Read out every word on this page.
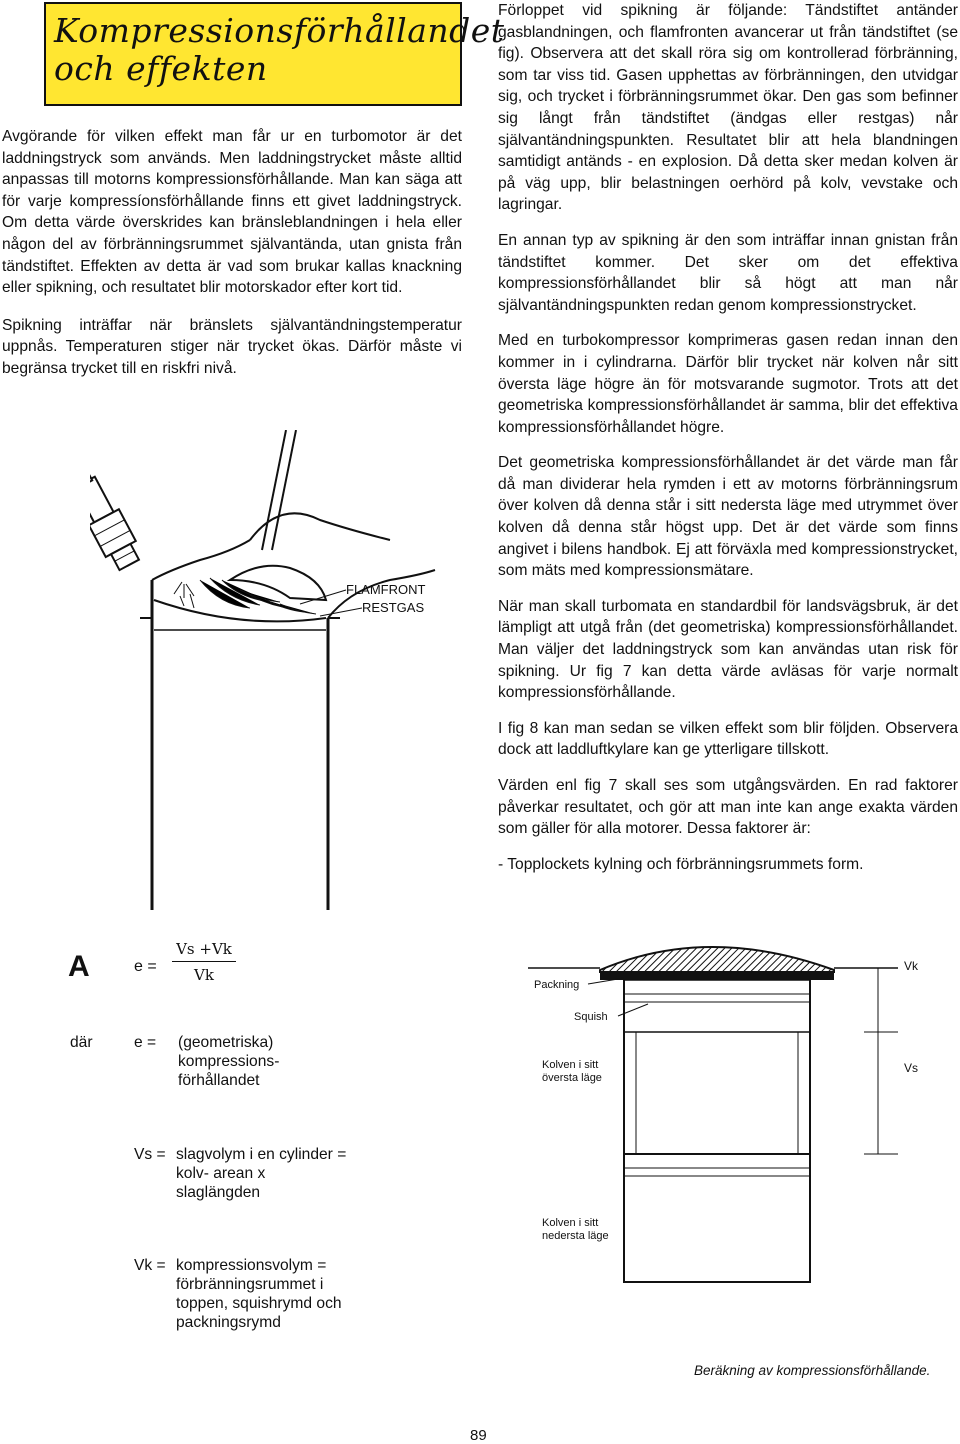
Kompressionsförhållandet
och effekten

Avgörande för vilken effekt man får ur en turbomotor är det laddningstryck som används. Men laddningstrycket måste alltid anpassas till motorns kompressionsförhållande. Man kan säga att för varje kompressíonsförhållande finns ett givet laddningstryck. Om detta värde överskrides kan bränsleblandningen i hela eller någon del av förbränningsrummet självantända, utan gnista från tändstiftet. Effekten av detta är vad som brukar kallas knackning eller spikning, och resultatet blir motorskador efter kort tid.

Spikning inträffar när bränslets självantändningstemperatur uppnås. Temperaturen stiger när trycket ökas. Därför måste vi begränsa trycket till en riskfri nivå.

FLAMFRONT
RESTGAS

Förloppet vid spikning är följande: Tändstiftet antänder gasblandningen, och flamfronten avancerar ut från tändstiftet (se fig). Observera att det skall röra sig om kontrollerad förbränning, som tar viss tid. Gasen upphettas av förbränningen, den utvidgar sig, och trycket i förbränningsrummet ökar. Den gas som befinner sig långt från tändstiftet (ändgas eller restgas) når självantändningspunkten. Resultatet blir att hela blandningen samtidigt antänds - en explosion. Då detta sker medan kolven är på väg upp, blir belastningen oerhörd på kolv, vevstake och lagringar.

En annan typ av spikning är den som inträffar innan gnistan från tändstiftet kommer. Det sker om det effektiva kompressionsförhållandet blir så högt att man når självantändningspunkten redan genom kompressionstrycket.

Med en turbokompressor komprimeras gasen redan innan den kommer in i cylindrarna. Därför blir trycket när kolven når sitt översta läge högre än för motsvarande sugmotor. Trots att det geometriska kompressionsförhållandet är samma, blir det effektiva kompressionsförhållandet högre.

Det geometriska kompressionsförhållandet är det värde man får då man dividerar hela rymden i ett av motorns förbränningsrum över kolven då denna står i sitt nedersta läge med utrymmet över kolven då denna står högst upp. Det är det värde som finns angivet i bilens handbok. Ej att förväxla med kompressionstrycket, som mäts med kompressionsmätare.

När man skall turbomata en standardbil för landsvägsbruk, är det lämpligt att utgå från (det geometriska) kompressionsförhållandet. Man väljer det laddningstryck som kan användas utan risk för spikning. Ur fig 7 kan detta värde avläsas för varje normalt kompressionsförhållande.

I fig 8 kan man sedan se vilken effekt som blir följden. Observera dock att laddluftkylare kan ge ytterligare tillskott.

Värden enl fig 7 skall ses som utgångsvärden. En rad faktorer påverkar resultatet, och gör att man inte kan ange exakta värden som gäller för alla motorer. Dessa faktorer är:

- Topplockets kylning och förbränningsrummets form.

A	$e = \frac{Vs +Vk}{Vk}$
där	e = (geometriska) kompressions- förhållandet
Vs = slagvolym i en cylinder = kolv- arean x slaglängden
Vk = kompressionsvolym = förbränningsrummet i toppen, squishrymd och packningsrymd
Packning
Squish
Kolven i sitt
översta läge
Kolven i sitt
nedersta läge
Vk
Vs
Beräkning av kompressionsförhållande.
89
